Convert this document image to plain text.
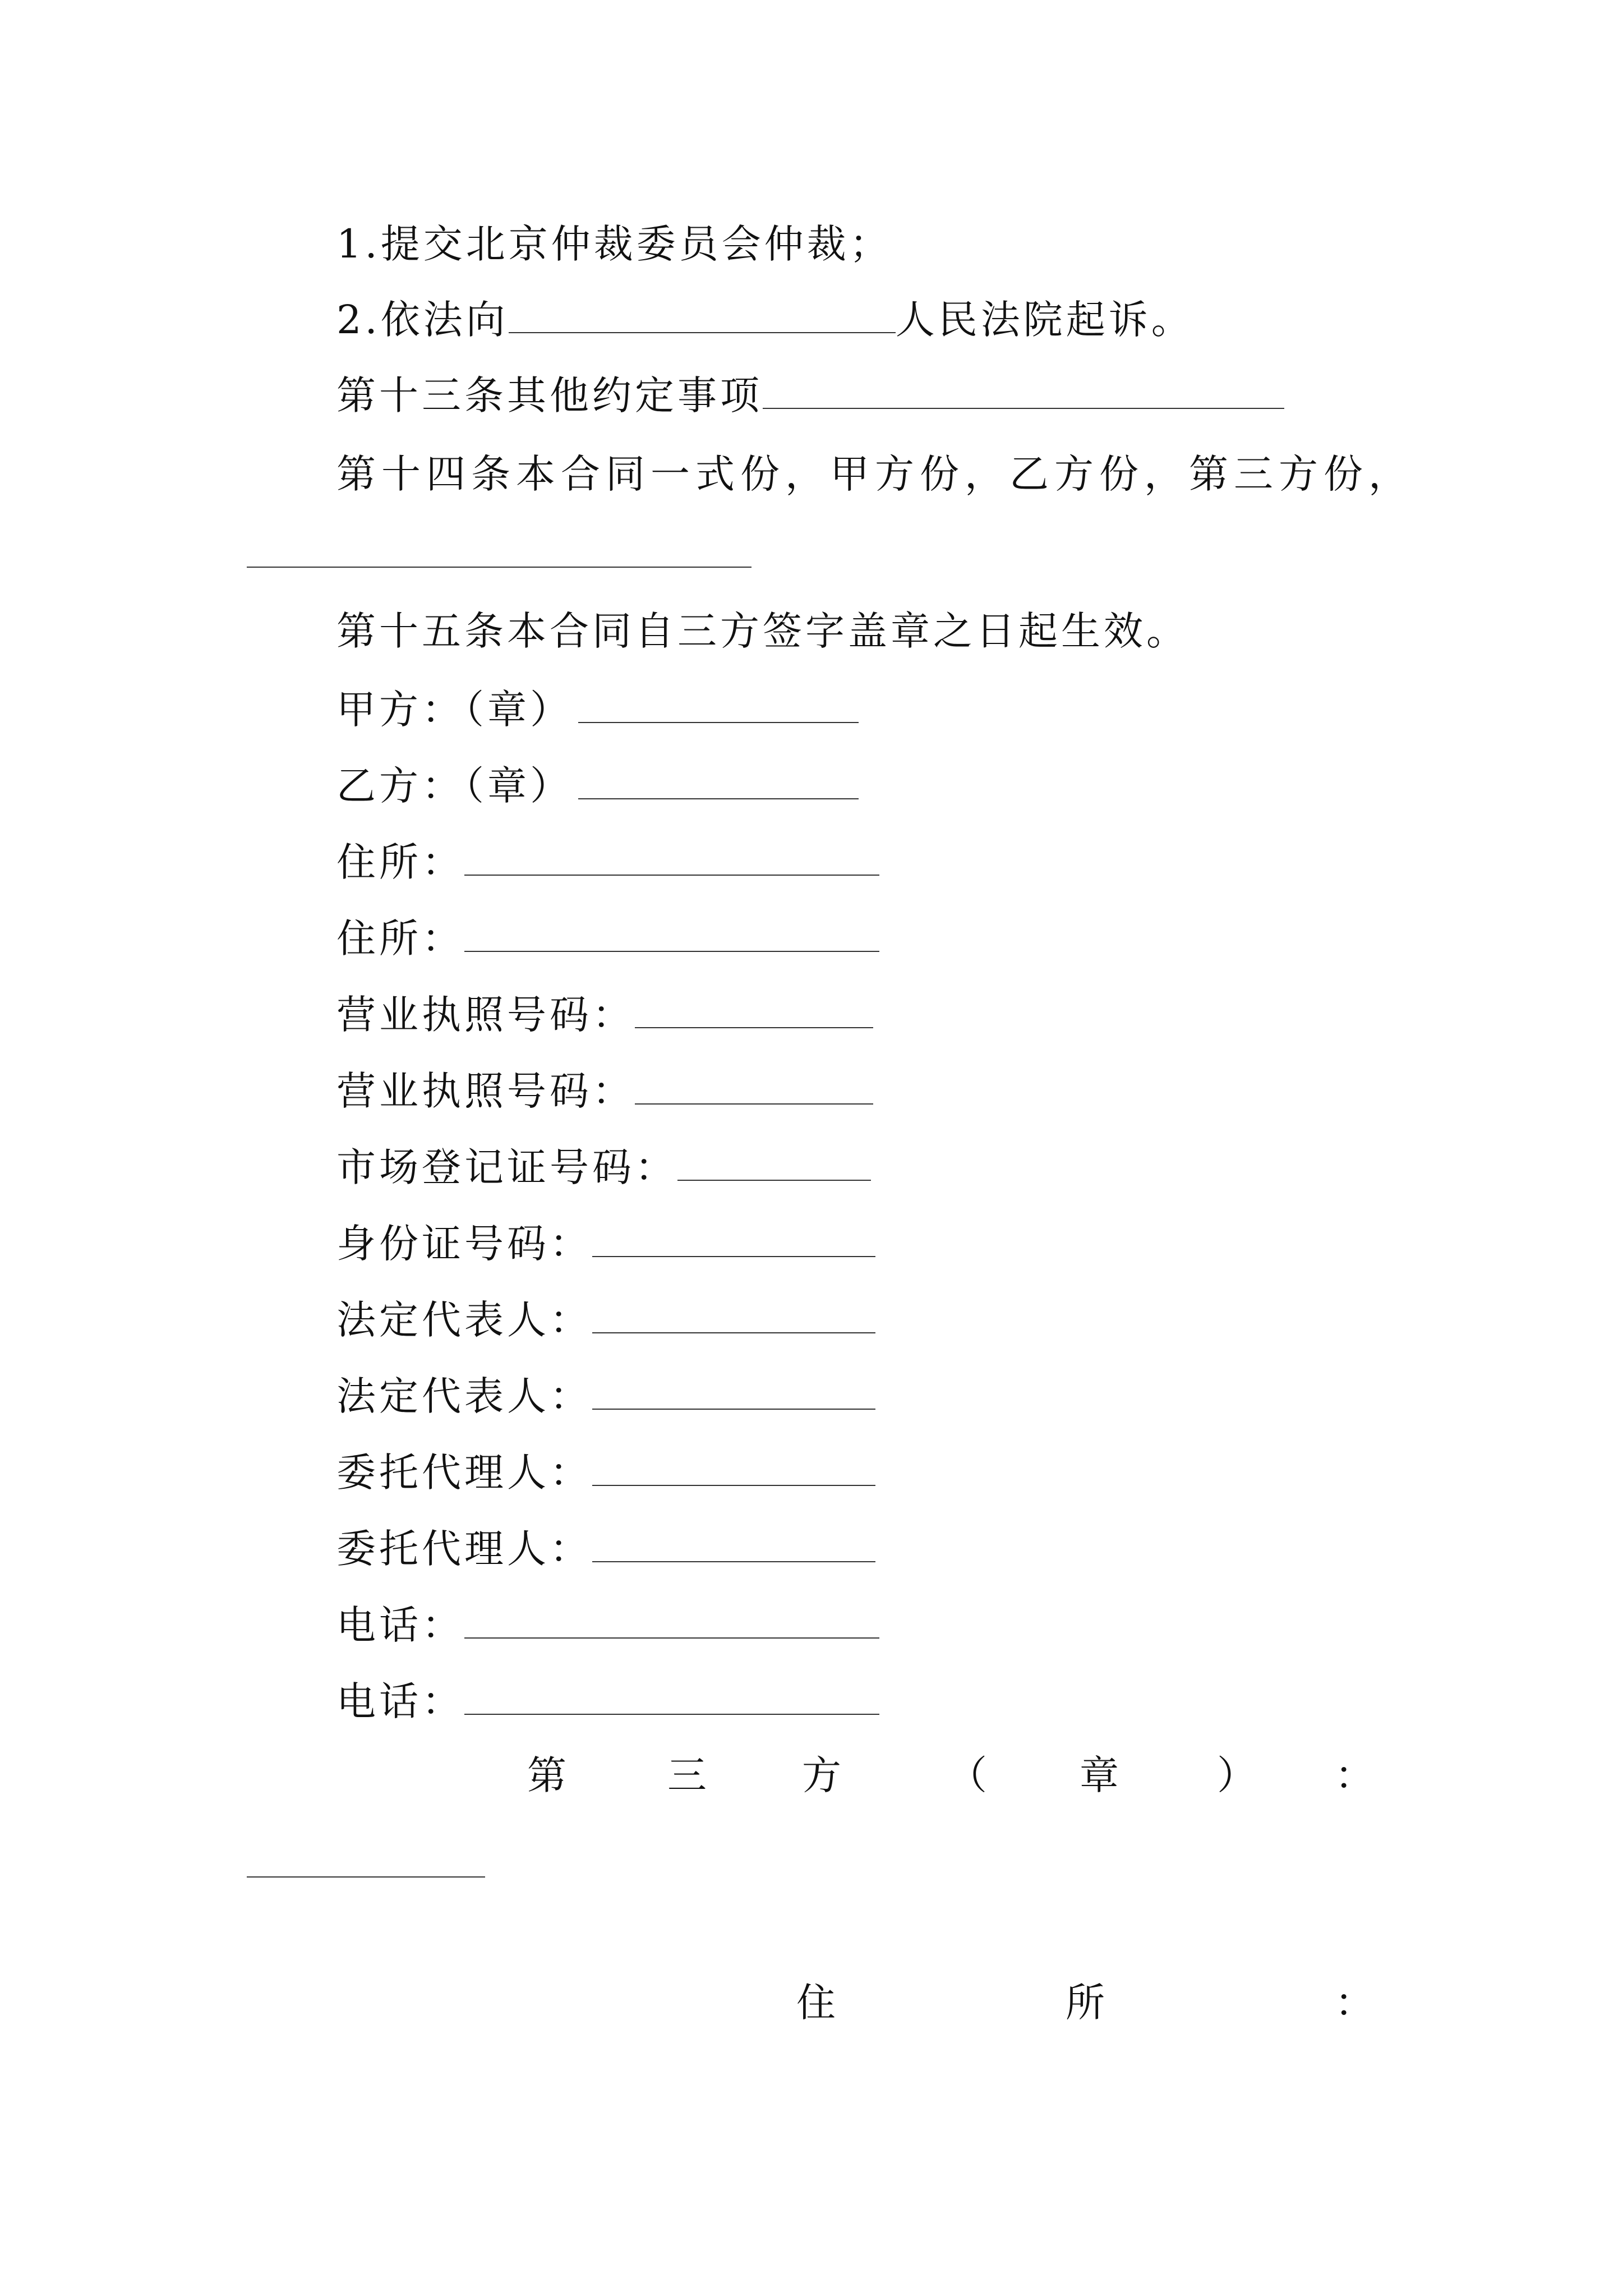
1.提交北京仲裁委员会仲裁；
2.依法向	人民法院起诉。
第十三条其他约定事项
第十四条本合同一式份，甲方份，乙方份，第三方份，
第十五条本合同自三方签字盖章之日起生效。
甲方：（章）
乙方：（章）
住所：
住所：
营业执照号码：
营业执照号码：
市场登记证号码：
身份证号码：
法定代表人：
法定代表人：
委托代理人：
委托代理人：
电话：
电话：
第	三 方	（ 章	） ：
住	所	：
